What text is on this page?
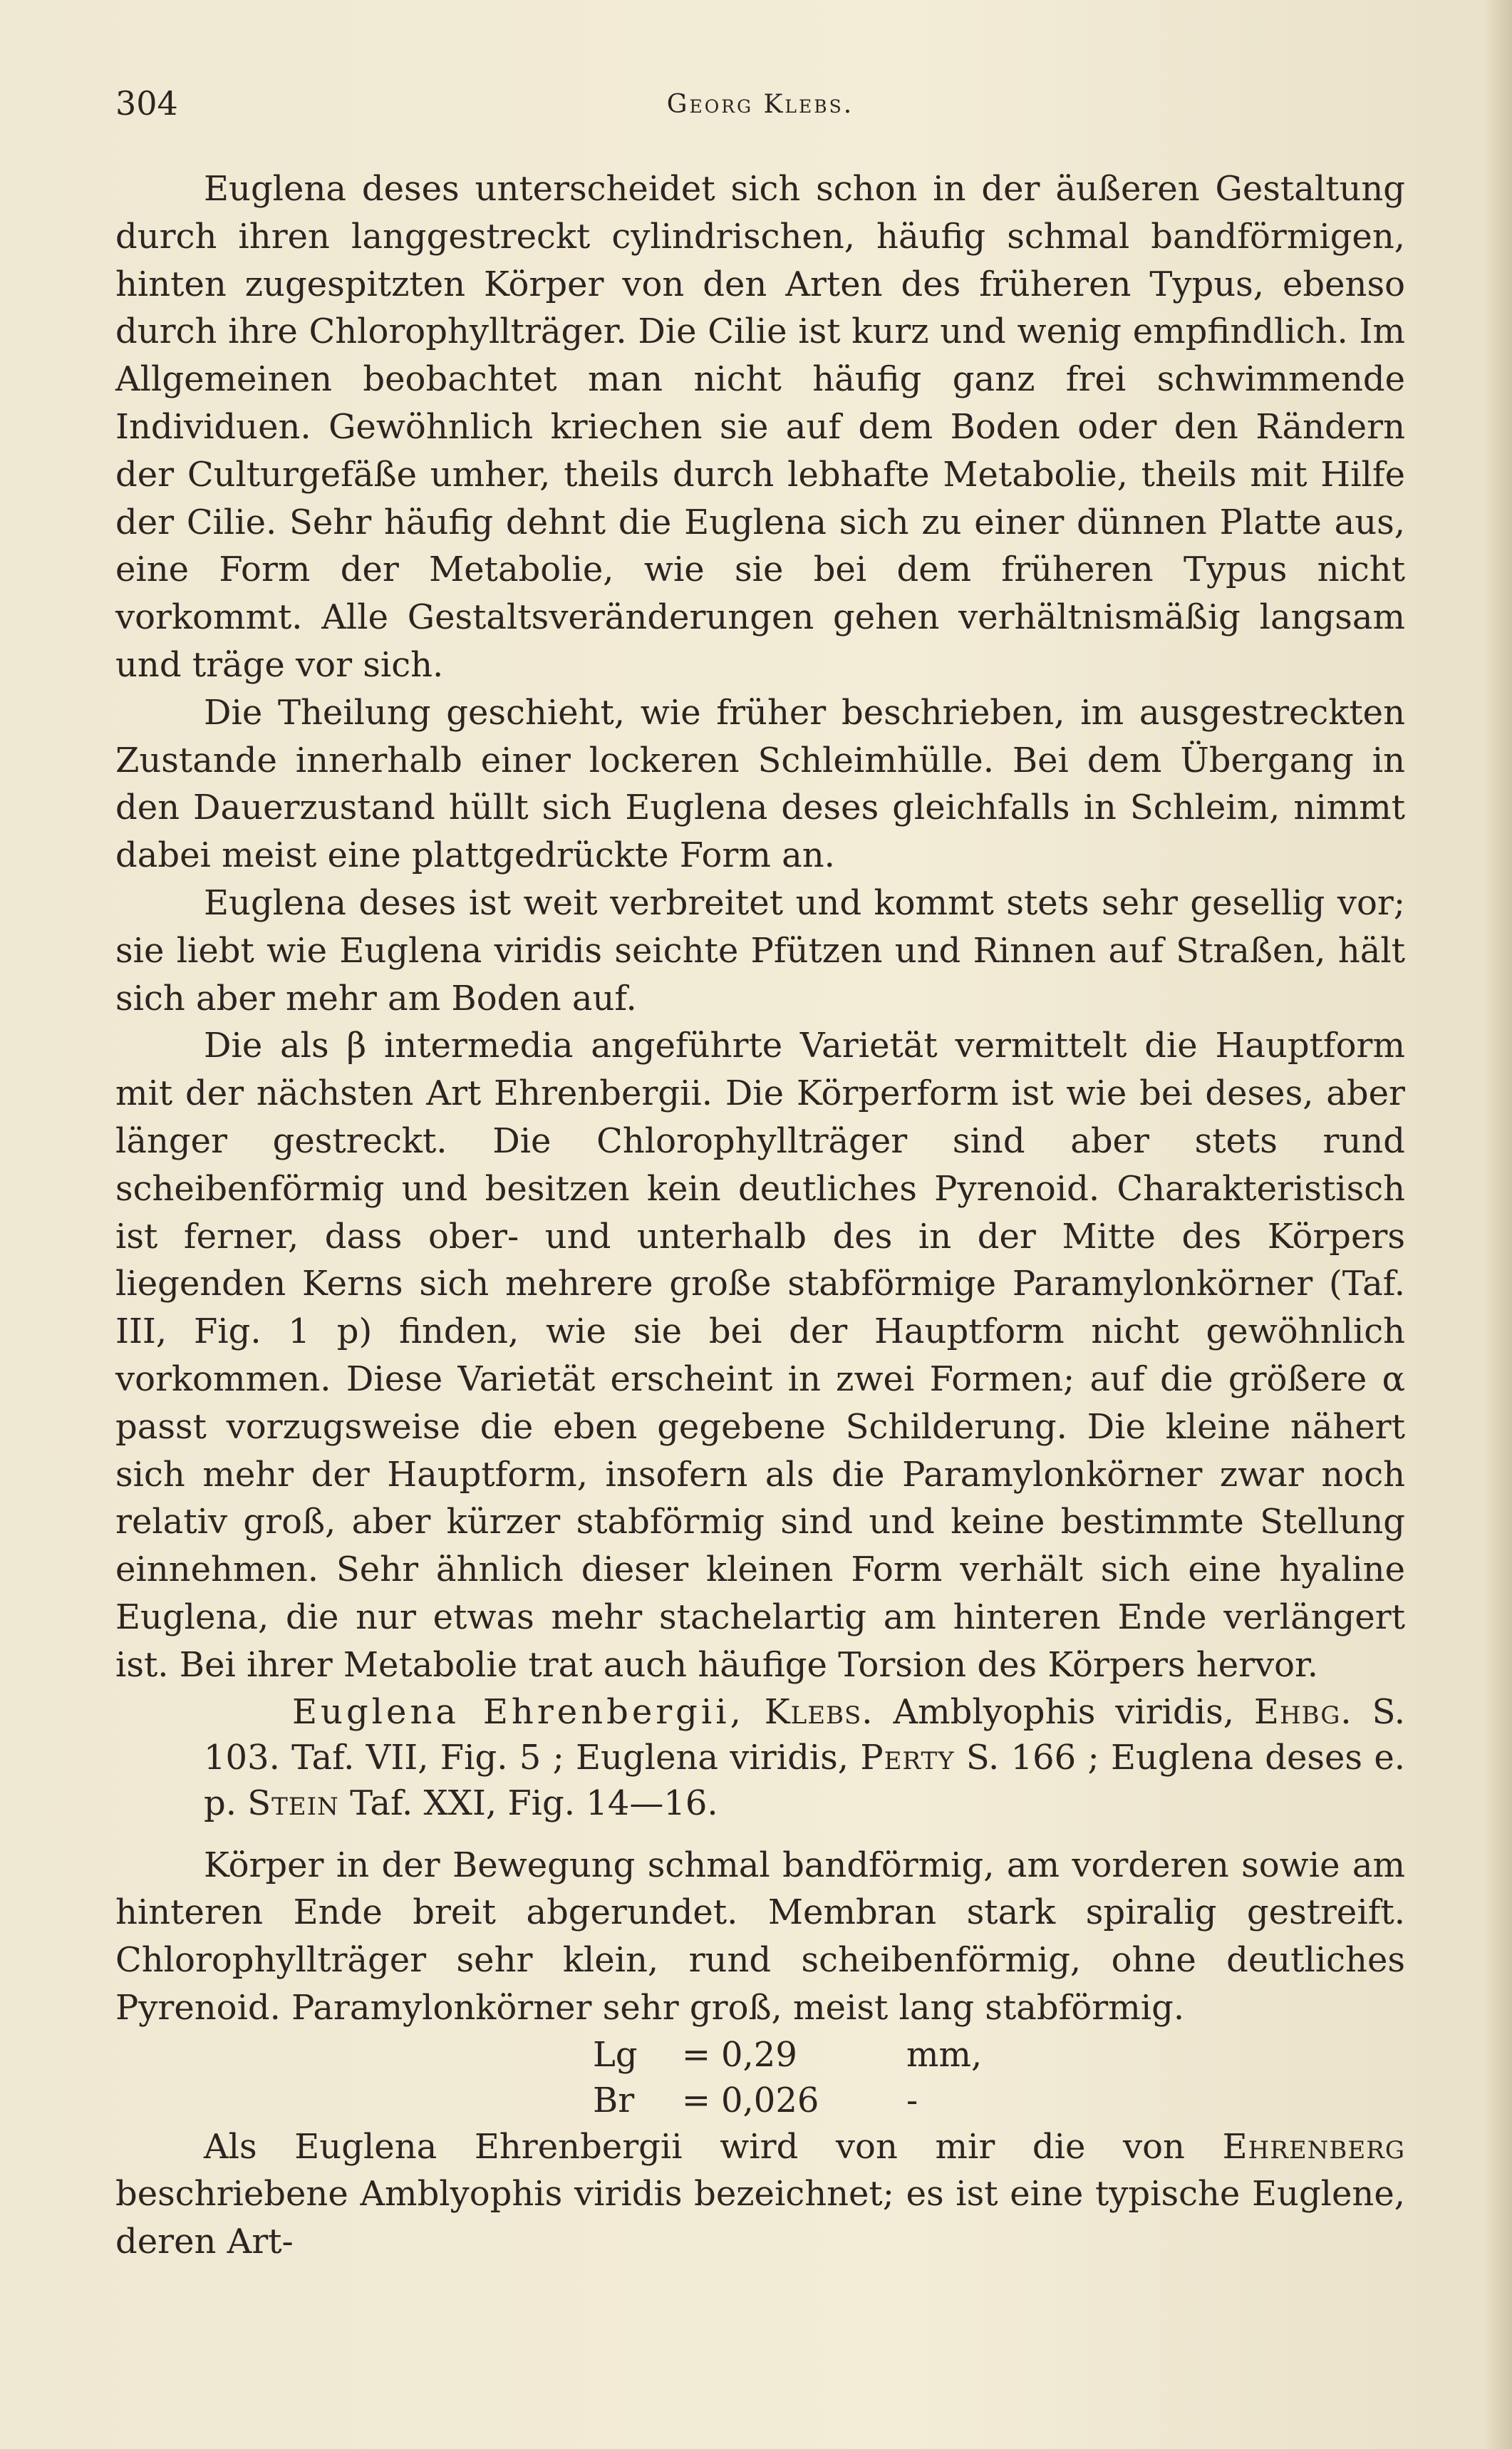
304	Georg Klebs.

Euglena deses unterscheidet sich schon in der äußeren Gestaltung durch ihren langgestreckt cylindrischen, häufig schmal bandförmigen, hinten zugespitzten Körper von den Arten des früheren Typus, ebenso durch ihre Chlorophyllträger. Die Cilie ist kurz und wenig empfindlich. Im Allgemeinen beobachtet man nicht häufig ganz frei schwimmende Individuen. Gewöhnlich kriechen sie auf dem Boden oder den Rändern der Culturgefäße umher, theils durch lebhafte Metabolie, theils mit Hilfe der Cilie. Sehr häufig dehnt die Euglena sich zu einer dünnen Platte aus, eine Form der Metabolie, wie sie bei dem früheren Typus nicht vorkommt. Alle Gestaltsveränderungen gehen verhältnismäßig langsam und träge vor sich.

Die Theilung geschieht, wie früher beschrieben, im ausgestreckten Zustande innerhalb einer lockeren Schleimhülle. Bei dem Übergang in den Dauerzustand hüllt sich Euglena deses gleichfalls in Schleim, nimmt dabei meist eine plattgedrückte Form an.

Euglena deses ist weit verbreitet und kommt stets sehr gesellig vor; sie liebt wie Euglena viridis seichte Pfützen und Rinnen auf Straßen, hält sich aber mehr am Boden auf.

Die als β intermedia angeführte Varietät vermittelt die Hauptform mit der nächsten Art Ehrenbergii. Die Körperform ist wie bei deses, aber länger gestreckt. Die Chlorophyllträger sind aber stets rund scheibenförmig und besitzen kein deutliches Pyrenoid. Charakteristisch ist ferner, dass ober- und unterhalb des in der Mitte des Körpers liegenden Kerns sich mehrere große stabförmige Paramylonkörner (Taf. III, Fig. 1 p) finden, wie sie bei der Hauptform nicht gewöhnlich vorkommen. Diese Varietät erscheint in zwei Formen; auf die größere α passt vorzugsweise die eben gegebene Schilderung. Die kleine nähert sich mehr der Hauptform, insofern als die Paramylonkörner zwar noch relativ groß, aber kürzer stabförmig sind und keine bestimmte Stellung einnehmen. Sehr ähnlich dieser kleinen Form verhält sich eine hyaline Euglena, die nur etwas mehr stachelartig am hinteren Ende verlängert ist. Bei ihrer Metabolie trat auch häufige Torsion des Körpers hervor.

Euglena Ehrenbergii, Klebs. Amblyophis viridis, Ehbg. S. 103. Taf. VII, Fig. 5 ; Euglena viridis, Perty S. 166 ; Euglena deses e. p. Stein Taf. XXI, Fig. 14—16.

Körper in der Bewegung schmal bandförmig, am vorderen sowie am hinteren Ende breit abgerundet. Membran stark spiralig gestreift. Chlorophyllträger sehr klein, rund scheibenförmig, ohne deutliches Pyrenoid. Paramylonkörner sehr groß, meist lang stabförmig.

Lg = 0,29	mm,
Br = 0,026	-

Als Euglena Ehrenbergii wird von mir die von Ehrenberg beschriebene Amblyophis viridis bezeichnet; es ist eine typische Euglene, deren Art-
